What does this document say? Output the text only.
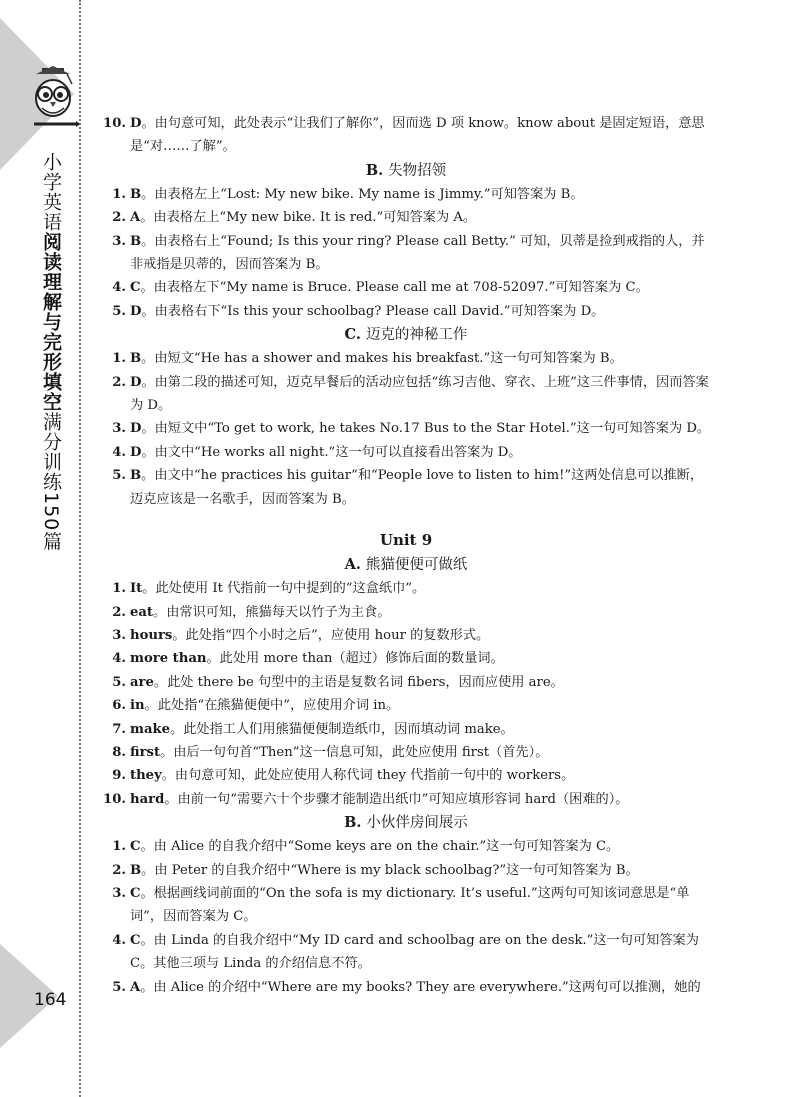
小学英语阅读理解与完形填空满分训练150篇
164
10. D。由句意可知，此处表示“让我们了解你”，因而选 D 项 know。know about 是固定短语，意思是“对……了解”。
B. 失物招领
1. B。由表格左上“Lost: My new bike. My name is Jimmy.”可知答案为 B。
2. A。由表格左上“My new bike. It is red.”可知答案为 A。
3. B。由表格右上“Found; Is this your ring? Please call Betty.” 可知，贝蒂是捡到戒指的人，并非戒指是贝蒂的，因而答案为 B。
4. C。由表格左下“My name is Bruce. Please call me at 708-52097.”可知答案为 C。
5. D。由表格右下“Is this your schoolbag? Please call David.”可知答案为 D。
C. 迈克的神秘工作
1. B。由短文“He has a shower and makes his breakfast.”这一句可知答案为 B。
2. D。由第二段的描述可知，迈克早餐后的活动应包括“练习吉他、穿衣、上班”这三件事情，因而答案为 D。
3. D。由短文中“To get to work, he takes No.17 Bus to the Star Hotel.”这一句可知答案为 D。
4. D。由文中“He works all night.”这一句可以直接看出答案为 D。
5. B。由文中“he practices his guitar”和“People love to listen to him!”这两处信息可以推断，迈克应该是一名歌手，因而答案为 B。
Unit 9
A. 熊猫便便可做纸
1. It。此处使用 It 代指前一句中提到的“这盒纸巾”。
2. eat。由常识可知，熊猫每天以竹子为主食。
3. hours。此处指“四个小时之后”，应使用 hour 的复数形式。
4. more than。此处用 more than（超过）修饰后面的数量词。
5. are。此处 there be 句型中的主语是复数名词 fibers，因而应使用 are。
6. in。此处指“在熊猫便便中”，应使用介词 in。
7. make。此处指工人们用熊猫便便制造纸巾，因而填动词 make。
8. first。由后一句句首“Then”这一信息可知，此处应使用 first（首先）。
9. they。由句意可知，此处应使用人称代词 they 代指前一句中的 workers。
10. hard。由前一句“需要六十个步骤才能制造出纸巾”可知应填形容词 hard（困难的）。
B. 小伙伴房间展示
1. C。由 Alice 的自我介绍中“Some keys are on the chair.”这一句可知答案为 C。
2. B。由 Peter 的自我介绍中“Where is my black schoolbag?”这一句可知答案为 B。
3. C。根据画线词前面的“On the sofa is my dictionary. It’s useful.”这两句可知该词意思是“单词”，因而答案为 C。
4. C。由 Linda 的自我介绍中“My ID card and schoolbag are on the desk.”这一句可知答案为 C。其他三项与 Linda 的介绍信息不符。
5. A。由 Alice 的介绍中“Where are my books? They are everywhere.”这两句可以推测，她的
